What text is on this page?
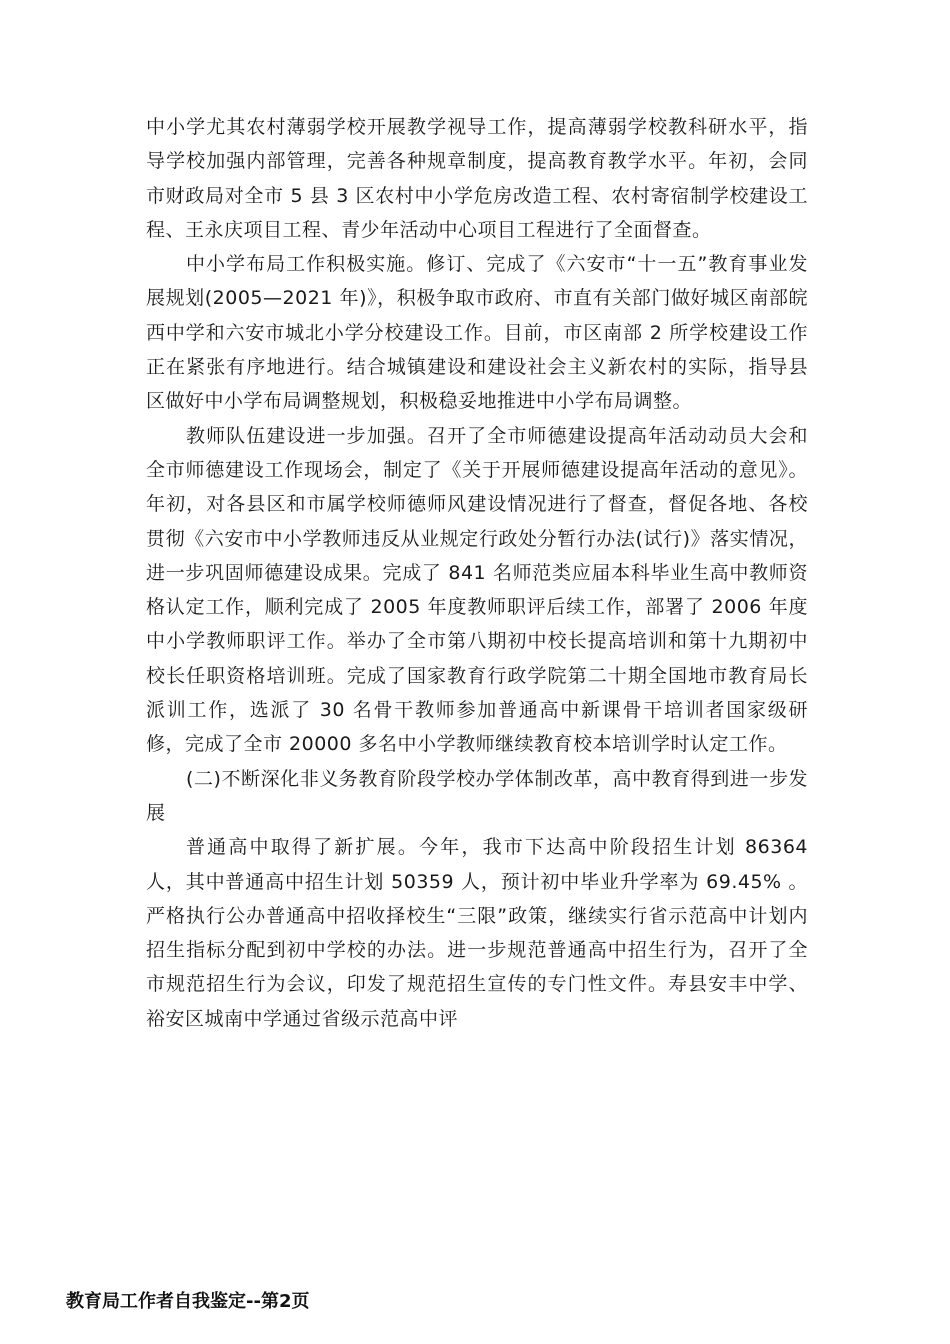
中小学尤其农村薄弱学校开展教学视导工作，提高薄弱学校教科研水平，指导学校加强内部管理，完善各种规章制度，提高教育教学水平。年初，会同市财政局对全市 5 县 3 区农村中小学危房改造工程、农村寄宿制学校建设工程、王永庆项目工程、青少年活动中心项目工程进行了全面督查。

中小学布局工作积极实施。修订、完成了《六安市“十一五”教育事业发展规划(2005—2021 年)》，积极争取市政府、市直有关部门做好城区南部皖西中学和六安市城北小学分校建设工作。目前，市区南部 2 所学校建设工作正在紧张有序地进行。结合城镇建设和建设社会主义新农村的实际，指导县区做好中小学布局调整规划，积极稳妥地推进中小学布局调整。

教师队伍建设进一步加强。召开了全市师德建设提高年活动动员大会和全市师德建设工作现场会，制定了《关于开展师德建设提高年活动的意见》。年初，对各县区和市属学校师德师风建设情况进行了督查，督促各地、各校贯彻《六安市中小学教师违反从业规定行政处分暂行办法(试行)》落实情况，进一步巩固师德建设成果。完成了 841 名师范类应届本科毕业生高中教师资格认定工作，顺利完成了 2005 年度教师职评后续工作，部署了 2006 年度中小学教师职评工作。举办了全市第八期初中校长提高培训和第十九期初中校长任职资格培训班。完成了国家教育行政学院第二十期全国地市教育局长派训工作，选派了 30 名骨干教师参加普通高中新课骨干培训者国家级研修，完成了全市 20000 多名中小学教师继续教育校本培训学时认定工作。

(二)不断深化非义务教育阶段学校办学体制改革，高中教育得到进一步发展

普通高中取得了新扩展。今年，我市下达高中阶段招生计划 86364 人，其中普通高中招生计划 50359 人，预计初中毕业升学率为 69.45% 。严格执行公办普通高中招收择校生“三限”政策，继续实行省示范高中计划内招生指标分配到初中学校的办法。进一步规范普通高中招生行为，召开了全市规范招生行为会议，印发了规范招生宣传的专门性文件。寿县安丰中学、裕安区城南中学通过省级示范高中评

教育局工作者自我鉴定--第2页
